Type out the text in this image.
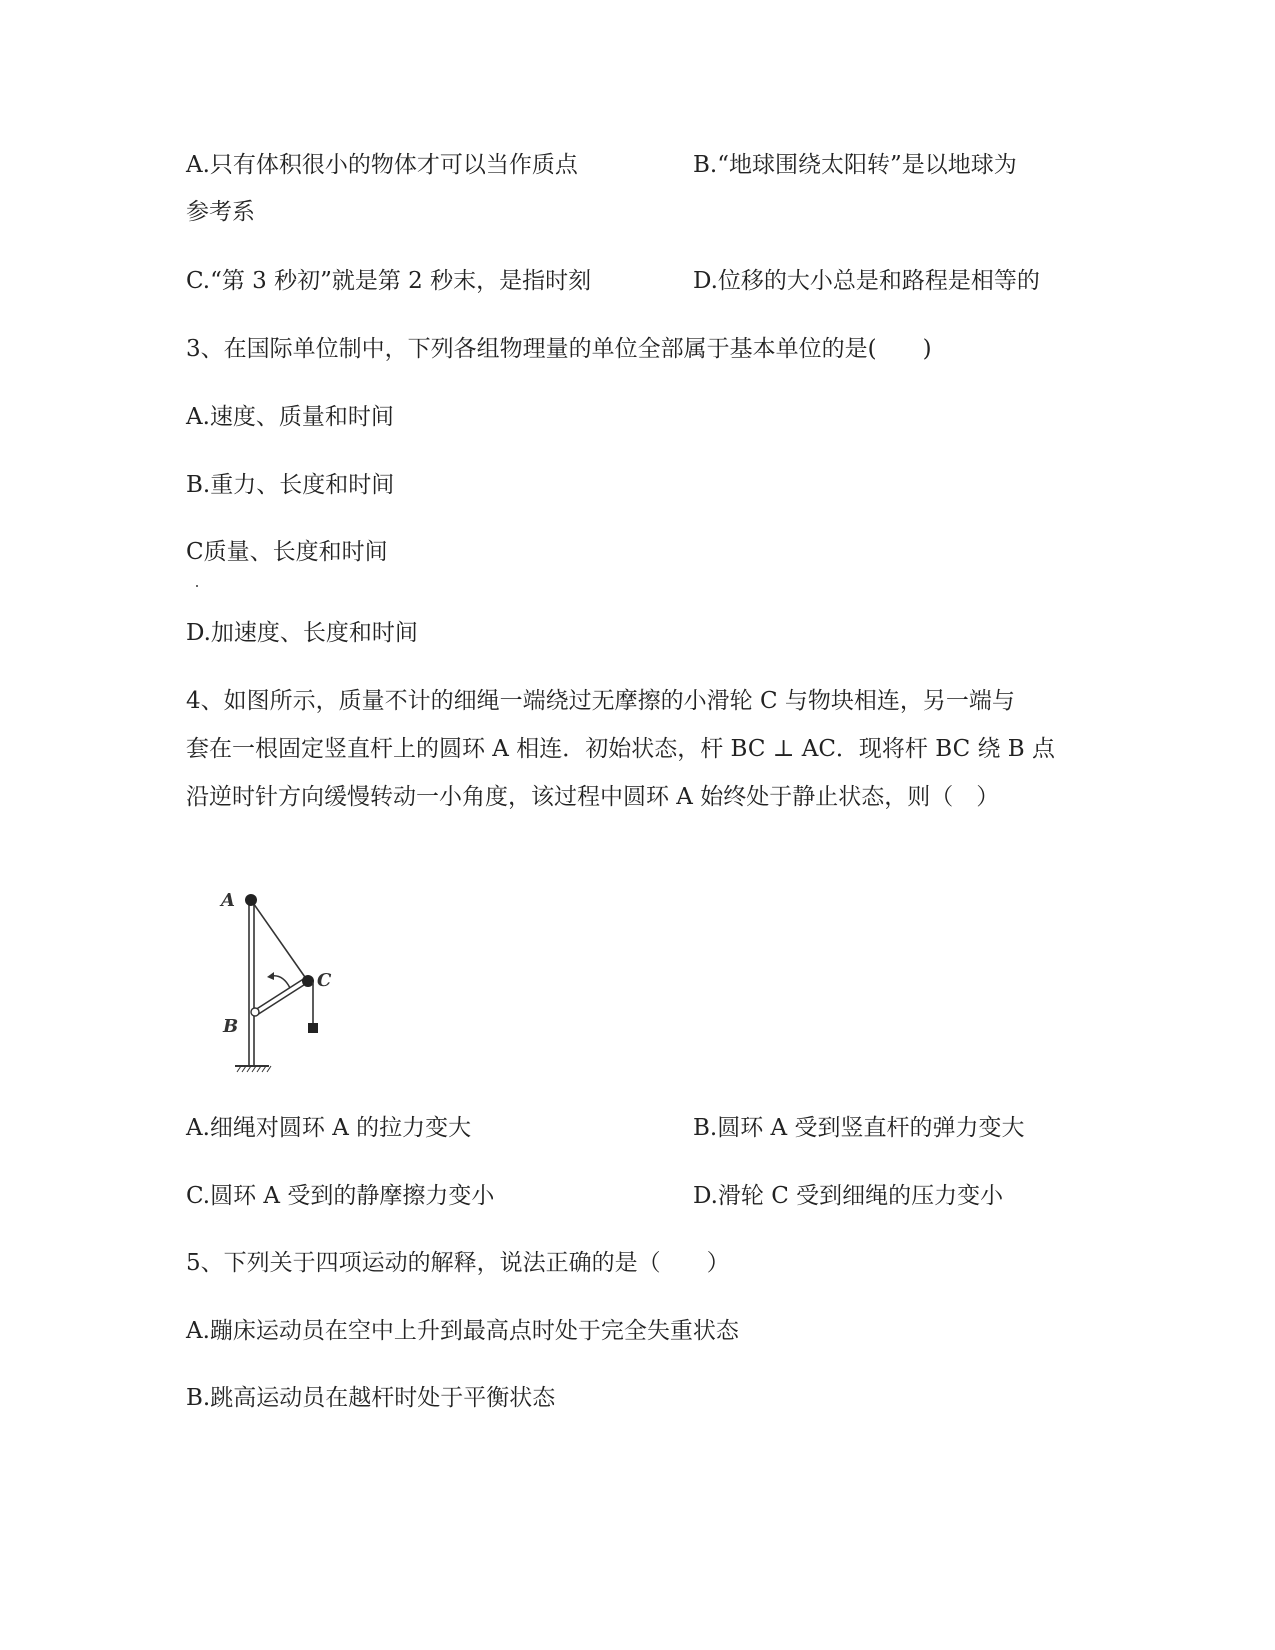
A.只有体积很小的物体才可以当作质点	B.“地球围绕太阳转”是以地球为
参考系
C.“第 3 秒初”就是第 2 秒末，是指时刻	D.位移的大小总是和路程是相等的
3、在国际单位制中，下列各组物理量的单位全部属于基本单位的是(　　)
A.速度、质量和时间
B.重力、长度和时间
C质量、长度和时间
D.加速度、长度和时间
4、如图所示，质量不计的细绳一端绕过无摩擦的小滑轮 C 与物块相连，另一端与
套在一根固定竖直杆上的圆环 A 相连．初始状态，杆 BC ⊥ AC．现将杆 BC 绕 B 点
沿逆时针方向缓慢转动一小角度，该过程中圆环 A 始终处于静止状态，则（　）
A
B
C
A.细绳对圆环 A 的拉力变大	B.圆环 A 受到竖直杆的弹力变大
C.圆环 A 受到的静摩擦力变小	D.滑轮 C 受到细绳的压力变小
5、下列关于四项运动的解释，说法正确的是（　　）
A.蹦床运动员在空中上升到最高点时处于完全失重状态
B.跳高运动员在越杆时处于平衡状态
